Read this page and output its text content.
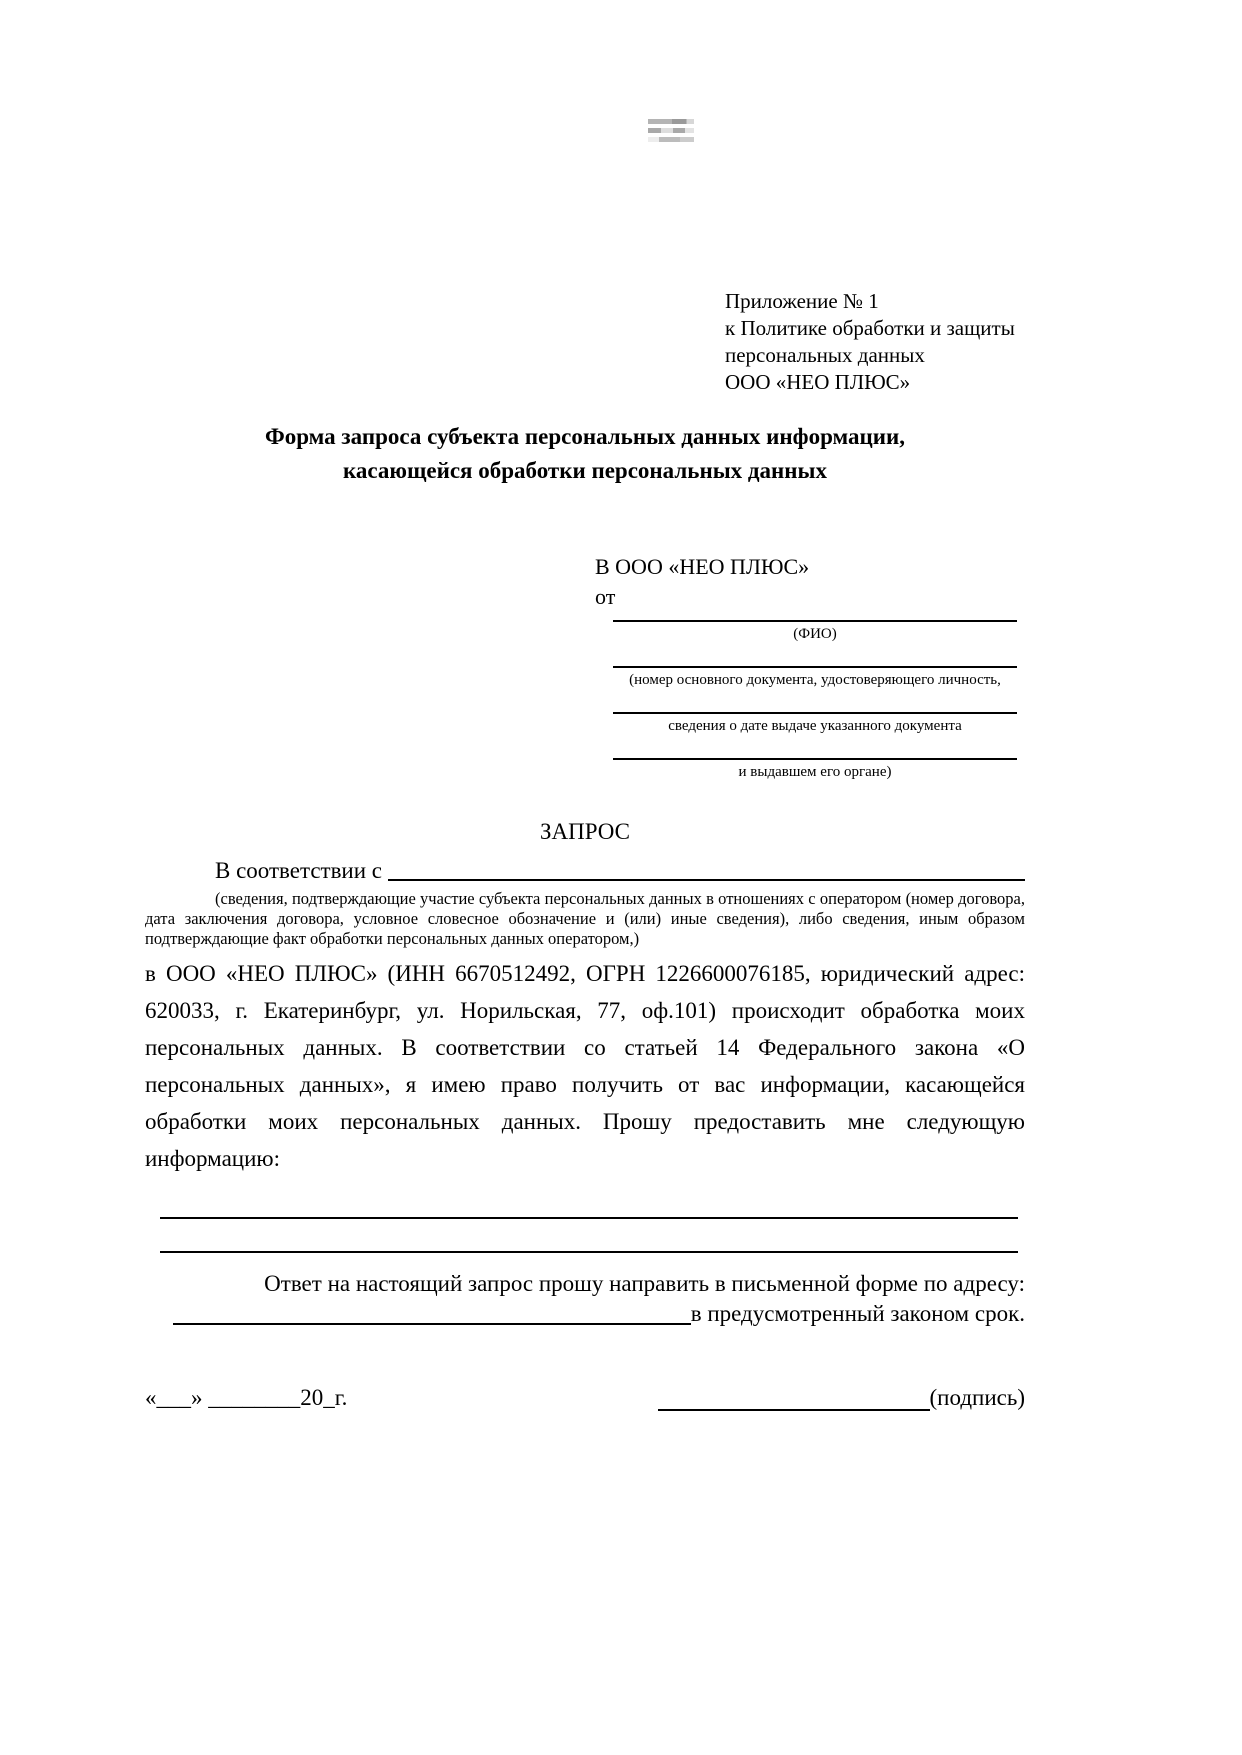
Приложение № 1
к Политике обработки и защиты
персональных данных
ООО «НЕО ПЛЮС»
Форма запроса субъекта персональных данных информации,
касающейся обработки персональных данных
В ООО «НЕО ПЛЮС»
от
(ФИО)
(номер основного документа, удостоверяющего личность,
сведения о дате выдаче указанного документа
и выдавшем его органе)
ЗАПРОС
В соответствии с
(сведения, подтверждающие участие субъекта персональных данных в отношениях с оператором (номер договора, дата заключения договора, условное словесное обозначение и (или) иные сведения), либо сведения, иным образом подтверждающие факт обработки персональных данных оператором,)
в ООО «НЕО ПЛЮС» (ИНН 6670512492, ОГРН 1226600076185, юридический адрес: 620033, г. Екатеринбург, ул. Норильская, 77, оф.101) происходит обработка моих персональных данных. В соответствии со статьей 14 Федерального закона «О персональных данных», я имею право получить от вас информации, касающейся обработки моих персональных данных. Прошу предоставить мне следующую информацию:
Ответ на настоящий запрос прошу направить в письменной форме по адресу:
в предусмотренный законом срок.
«___» ________20_г.	(подпись)
